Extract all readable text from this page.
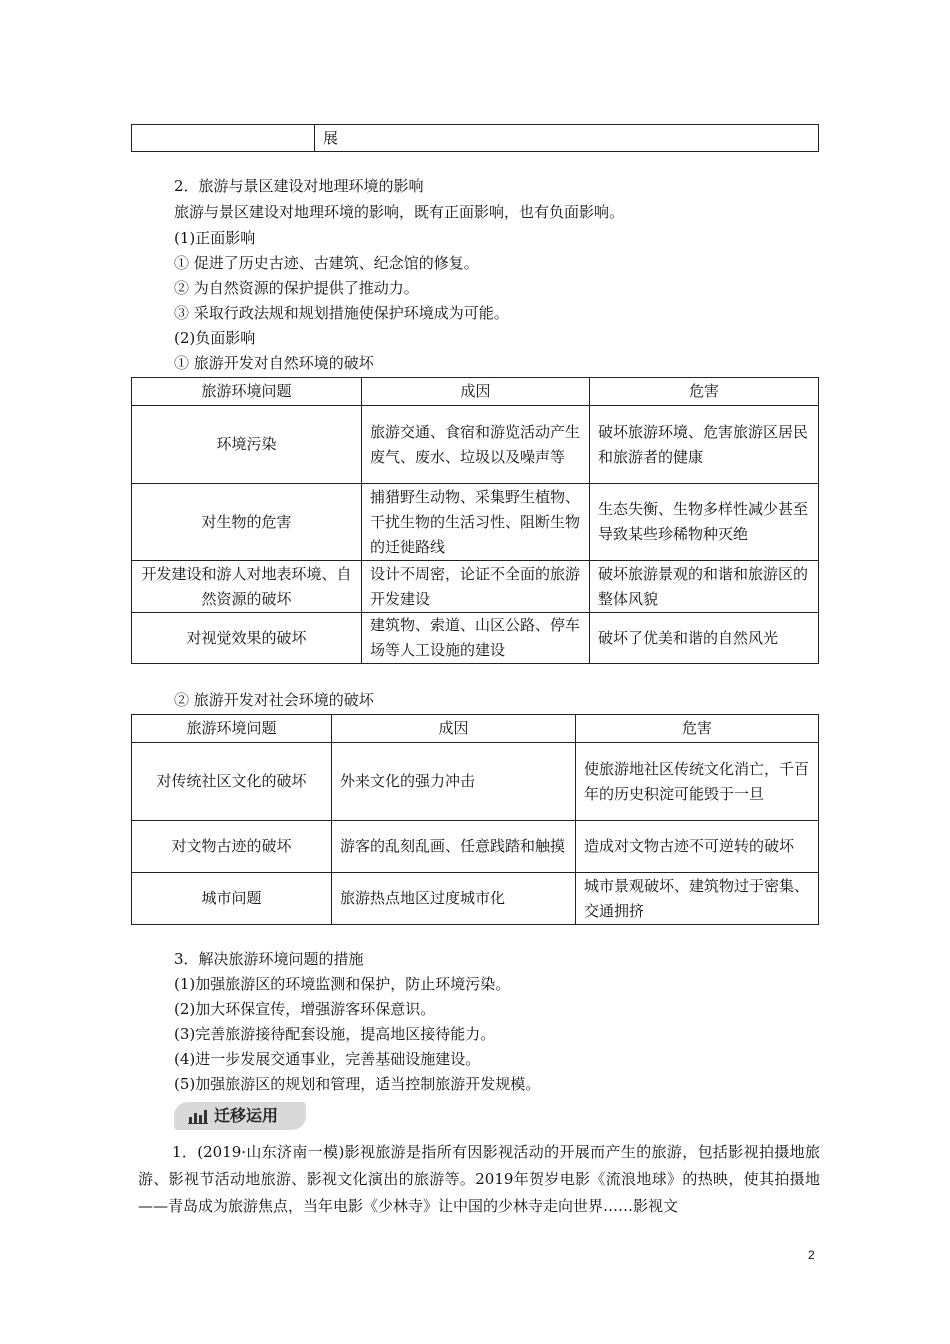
	展
2．旅游与景区建设对地理环境的影响
旅游与景区建设对地理环境的影响，既有正面影响，也有负面影响。
(1)正面影响
① 促进了历史古迹、古建筑、纪念馆的修复。
② 为自然资源的保护提供了推动力。
③ 采取行政法规和规划措施使保护环境成为可能。
(2)负面影响
① 旅游开发对自然环境的破坏
旅游环境问题	成因	危害
环境污染	旅游交通、食宿和游览活动产生废气、废水、垃圾以及噪声等	破坏旅游环境、危害旅游区居民和旅游者的健康
对生物的危害	捕猎野生动物、采集野生植物、干扰生物的生活习性、阻断生物的迁徙路线	生态失衡、生物多样性减少甚至导致某些珍稀物种灭绝
开发建设和游人对地表环境、自然资源的破坏	设计不周密，论证不全面的旅游开发建设	破坏旅游景观的和谐和旅游区的整体风貌
对视觉效果的破坏	建筑物、索道、山区公路、停车场等人工设施的建设	破坏了优美和谐的自然风光
② 旅游开发对社会环境的破坏
旅游环境问题	成因	危害
对传统社区文化的破坏	外来文化的强力冲击	使旅游地社区传统文化消亡，千百年的历史积淀可能毁于一旦
对文物古迹的破坏	游客的乱刻乱画、任意践踏和触摸	造成对文物古迹不可逆转的破坏
城市问题	旅游热点地区过度城市化	城市景观破坏、建筑物过于密集、交通拥挤
3．解决旅游环境问题的措施
(1)加强旅游区的环境监测和保护，防止环境污染。
(2)加大环保宣传，增强游客环保意识。
(3)完善旅游接待配套设施，提高地区接待能力。
(4)进一步发展交通事业，完善基础设施建设。
(5)加强旅游区的规划和管理，适当控制旅游开发规模。
迁移运用
1．(2019·山东济南一模)影视旅游是指所有因影视活动的开展而产生的旅游，包括影视拍摄地旅游、影视节活动地旅游、影视文化演出的旅游等。2019年贺岁电影《流浪地球》的热映，使其拍摄地——青岛成为旅游焦点，当年电影《少林寺》让中国的少林寺走向世界……影视文
2
